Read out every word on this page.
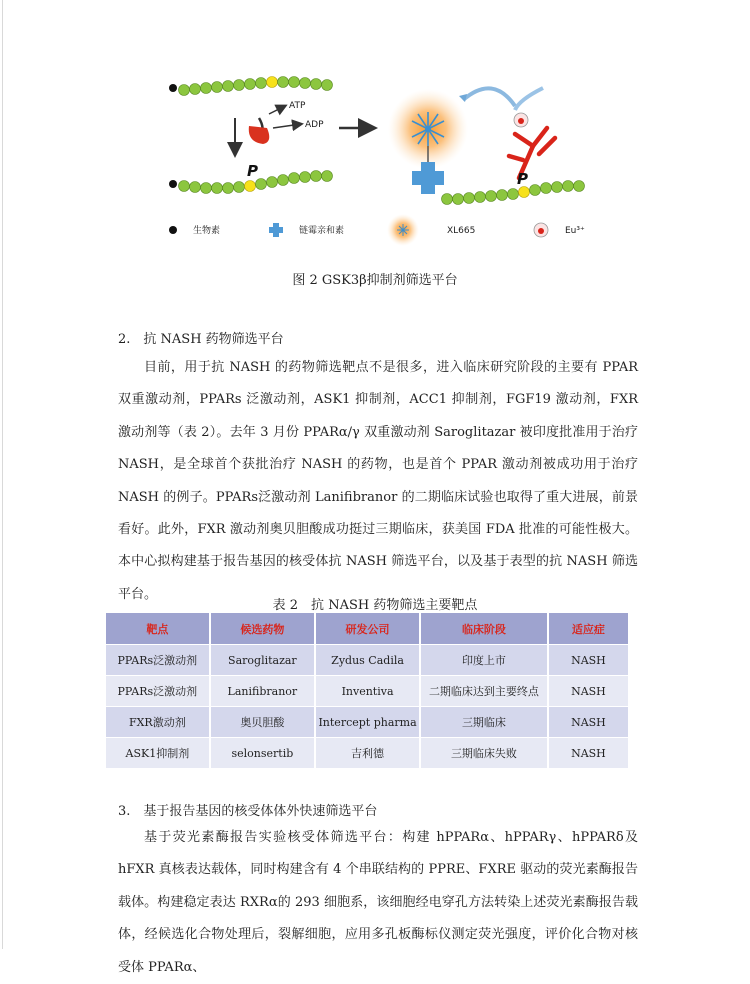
ATP
ADP
P	P
生物素	链霉亲和素	XL665	Eu³⁺
图 2 GSK3β抑制剂筛选平台
2.　抗 NASH 药物筛选平台
目前，用于抗 NASH 的药物筛选靶点不是很多，进入临床研究阶段的主要有 PPAR 双重激动剂，PPARs 泛激动剂，ASK1 抑制剂，ACC1 抑制剂，FGF19 激动剂，FXR 激动剂等（表 2）。去年 3 月份 PPARα/γ 双重激动剂 Saroglitazar 被印度批准用于治疗 NASH，是全球首个获批治疗 NASH 的药物，也是首个 PPAR 激动剂被成功用于治疗 NASH 的例子。PPARs泛激动剂 Lanifibranor 的二期临床试验也取得了重大进展，前景看好。此外，FXR 激动剂奥贝胆酸成功挺过三期临床，获美国 FDA 批准的可能性极大。本中心拟构建基于报告基因的核受体抗 NASH 筛选平台，以及基于表型的抗 NASH 筛选平台。
表 2　抗 NASH 药物筛选主要靶点
靶点	候选药物	研发公司	临床阶段	适应症
PPARs泛激动剂	Saroglitazar	Zydus Cadila	印度上市	NASH
PPARs泛激动剂	Lanifibranor	Inventiva	二期临床达到主要终点	NASH
FXR激动剂	奥贝胆酸	Intercept pharma	三期临床	NASH
ASK1抑制剂	selonsertib	吉利德	三期临床失败	NASH
3.　基于报告基因的核受体体外快速筛选平台
基于荧光素酶报告实验核受体筛选平台：构建 hPPARα、hPPARγ、hPPARδ及 hFXR 真核表达载体，同时构建含有 4 个串联结构的 PPRE、FXRE 驱动的荧光素酶报告载体。构建稳定表达 RXRα的 293 细胞系，该细胞经电穿孔方法转染上述荧光素酶报告载体，经候选化合物处理后，裂解细胞，应用多孔板酶标仪测定荧光强度，评价化合物对核受体 PPARα、
